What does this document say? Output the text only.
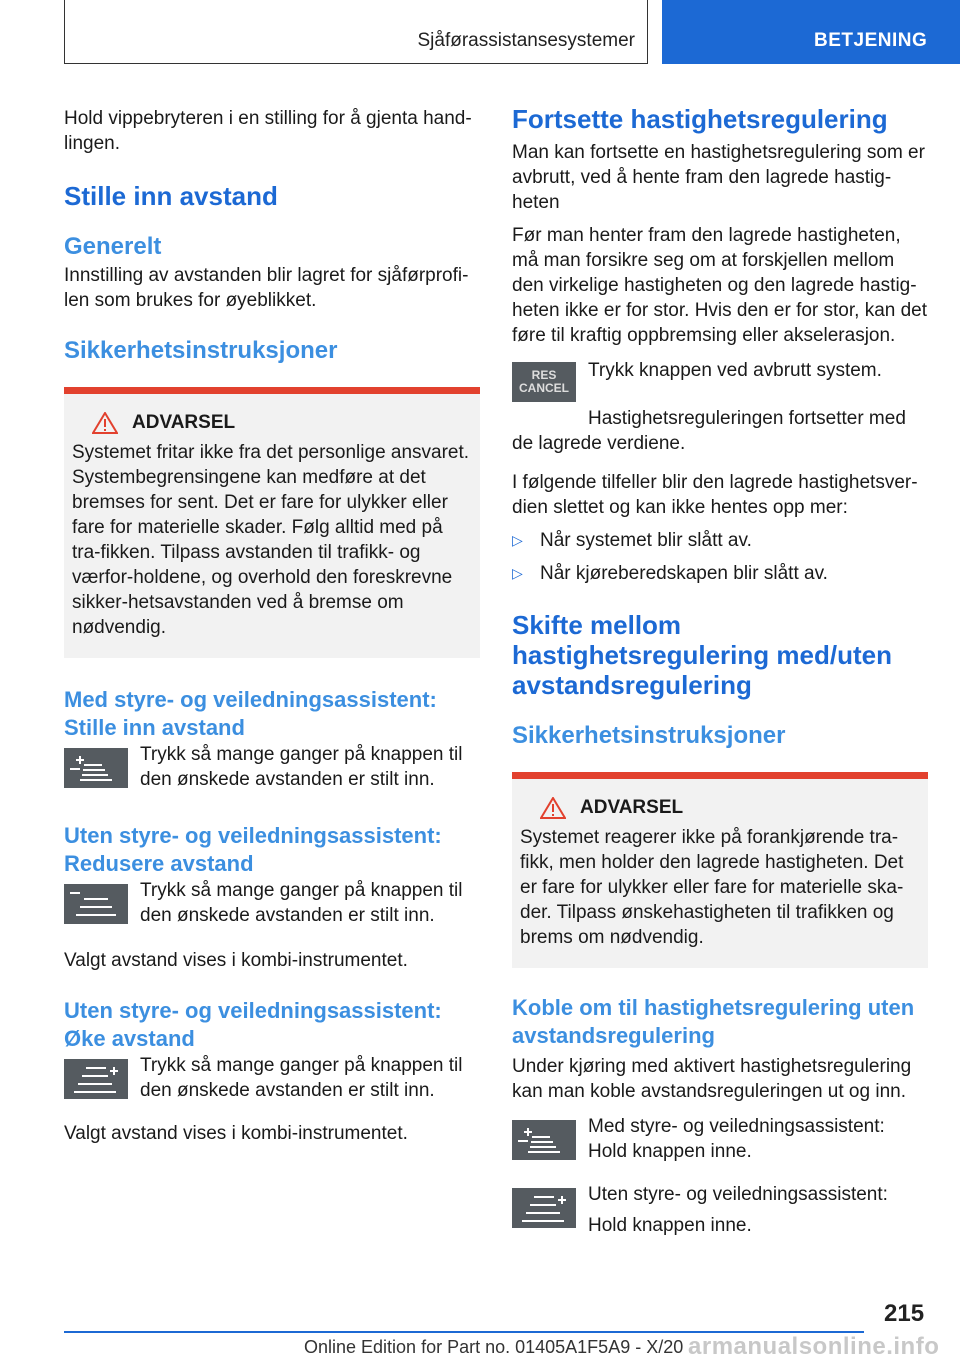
Sjåførassistansesystemer	BETJENING

Hold vippebryteren i en stilling for å gjenta hand-lingen.

Stille inn avstand
Generelt

Innstilling av avstanden blir lagret for sjåførprofi-len som brukes for øyeblikket.

Sikkerhetsinstruksjoner
ADVARSEL

Systemet fritar ikke fra det personlige ansvaret. Systembegrensingene kan medføre at det bremses for sent. Det er fare for ulykker eller fare for materielle skader. Følg alltid med på tra-fikken. Tilpass avstanden til trafikk- og værfor-holdene, og overhold den foreskrevne sikker-hetsavstanden ved å bremse om nødvendig.

Med styre- og veiledningsassistent: Stille inn avstand

Trykk så mange ganger på knappen til den ønskede avstanden er stilt inn.

Uten styre- og veiledningsassistent: Redusere avstand

Trykk så mange ganger på knappen til den ønskede avstanden er stilt inn.

Valgt avstand vises i kombi-instrumentet.

Uten styre- og veiledningsassistent: Øke avstand

Trykk så mange ganger på knappen til den ønskede avstanden er stilt inn.

Valgt avstand vises i kombi-instrumentet.

Fortsette hastighetsregulering

Man kan fortsette en hastighetsregulering som er avbrutt, ved å hente fram den lagrede hastig-heten

Før man henter fram den lagrede hastigheten, må man forsikre seg om at forskjellen mellom den virkelige hastigheten og den lagrede hastig-heten ikke er for stor. Hvis den er for stor, kan det føre til kraftig oppbremsing eller akselerasjon.

RES
CANCEL

Trykk knappen ved avbrutt system.

Hastighetsreguleringen fortsetter med de lagrede verdiene.

I følgende tilfeller blir den lagrede hastighetsver-dien slettet og kan ikke hentes opp mer:

▷ Når systemet blir slått av.

▷ Når kjøreberedskapen blir slått av.

Skifte mellom hastighetsregulering med/uten avstandsregulering
Sikkerhetsinstruksjoner
ADVARSEL

Systemet reagerer ikke på forankjørende tra-fikk, men holder den lagrede hastigheten. Det er fare for ulykker eller fare for materielle ska-der. Tilpass ønskehastigheten til trafikken og brems om nødvendig.

Koble om til hastighetsregulering uten avstandsregulering

Under kjøring med aktivert hastighetsregulering kan man koble avstandsreguleringen ut og inn.

Med styre- og veiledningsassistent: Hold knappen inne.

Uten styre- og veiledningsassistent:

Hold knappen inne.

215
Online Edition for Part no. 01405A1F5A9 - X/20 armanualsonline.info
